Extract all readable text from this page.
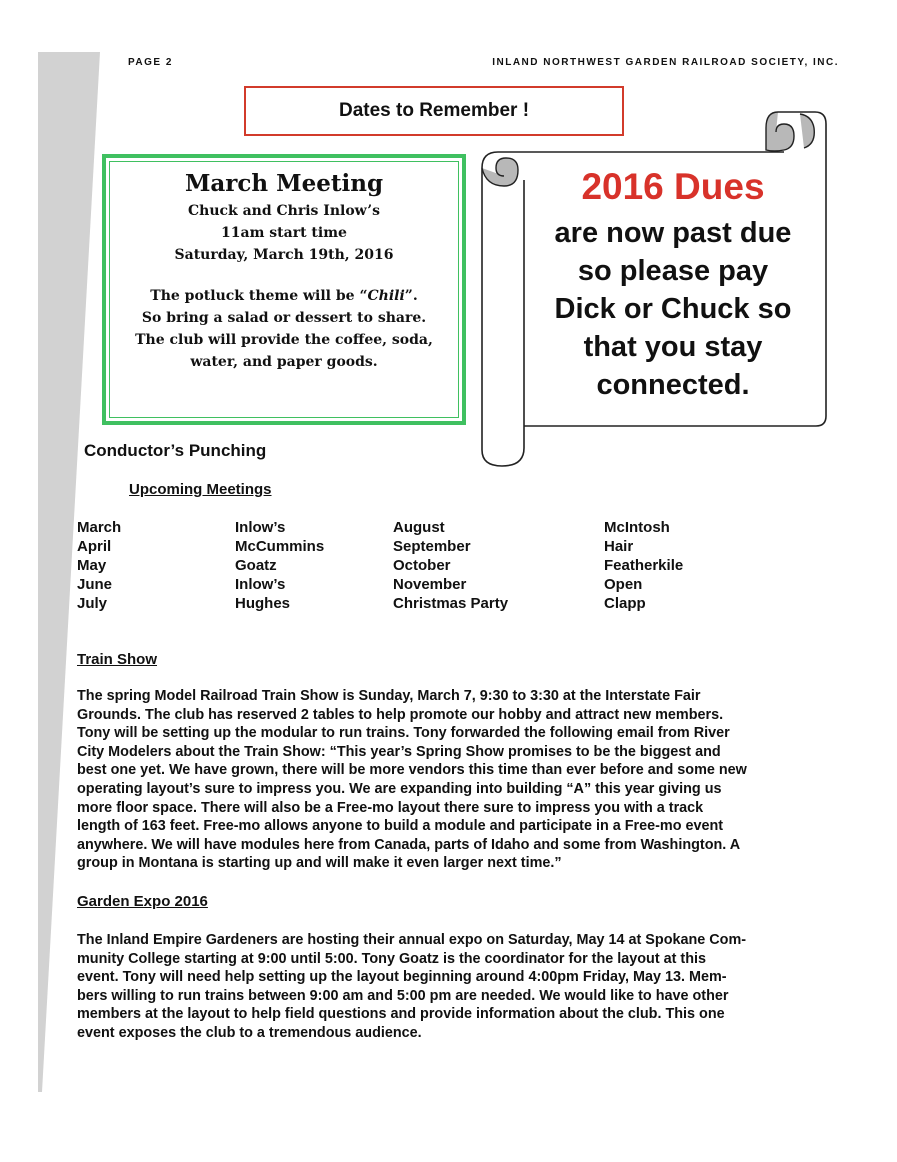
PAGE 2	INLAND NORTHWEST GARDEN RAILROAD SOCIETY, INC.
Dates to Remember !
March Meeting
Chuck and Chris Inlow’s
11am start time
Saturday, March 19th, 2016
The potluck theme will be “Chili”.
So bring a salad or dessert to share.
The club will provide the coffee, soda,
water, and paper goods.
2016 Dues
are now past due
so please pay
Dick or Chuck so
that you stay
connected.
Conductor’s Punching
Upcoming Meetings
March
April
May
June
July
Inlow’s
McCummins
Goatz
Inlow’s
Hughes
August
September
October
November
Christmas Party
McIntosh
Hair
Featherkile
Open
Clapp
Train Show
The spring Model Railroad Train Show is Sunday, March 7, 9:30 to 3:30 at the Interstate Fair
Grounds. The club has reserved 2 tables to help promote our hobby and attract new members.
Tony will be setting up the modular to run trains. Tony forwarded the following email from River
City Modelers about the Train Show: “This year’s Spring Show promises to be the biggest and
best one yet. We have grown, there will be more vendors this time than ever before and some new
operating layout’s sure to impress you. We are expanding into building “A” this year giving us
more floor space. There will also be a Free-mo layout there sure to impress you with a track
length of 163 feet. Free-mo allows anyone to build a module and participate in a Free-mo event
anywhere. We will have modules here from Canada, parts of Idaho and some from Washington. A
group in Montana is starting up and will make it even larger next time.”
Garden Expo 2016
The Inland Empire Gardeners are hosting their annual expo on Saturday, May 14 at Spokane Com-
munity College starting at 9:00 until 5:00. Tony Goatz is the coordinator for the layout at this
event. Tony will need help setting up the layout beginning around 4:00pm Friday, May 13. Mem-
bers willing to run trains between 9:00 am and 5:00 pm are needed. We would like to have other
members at the layout to help field questions and provide information about the club. This one
event exposes the club to a tremendous audience.
